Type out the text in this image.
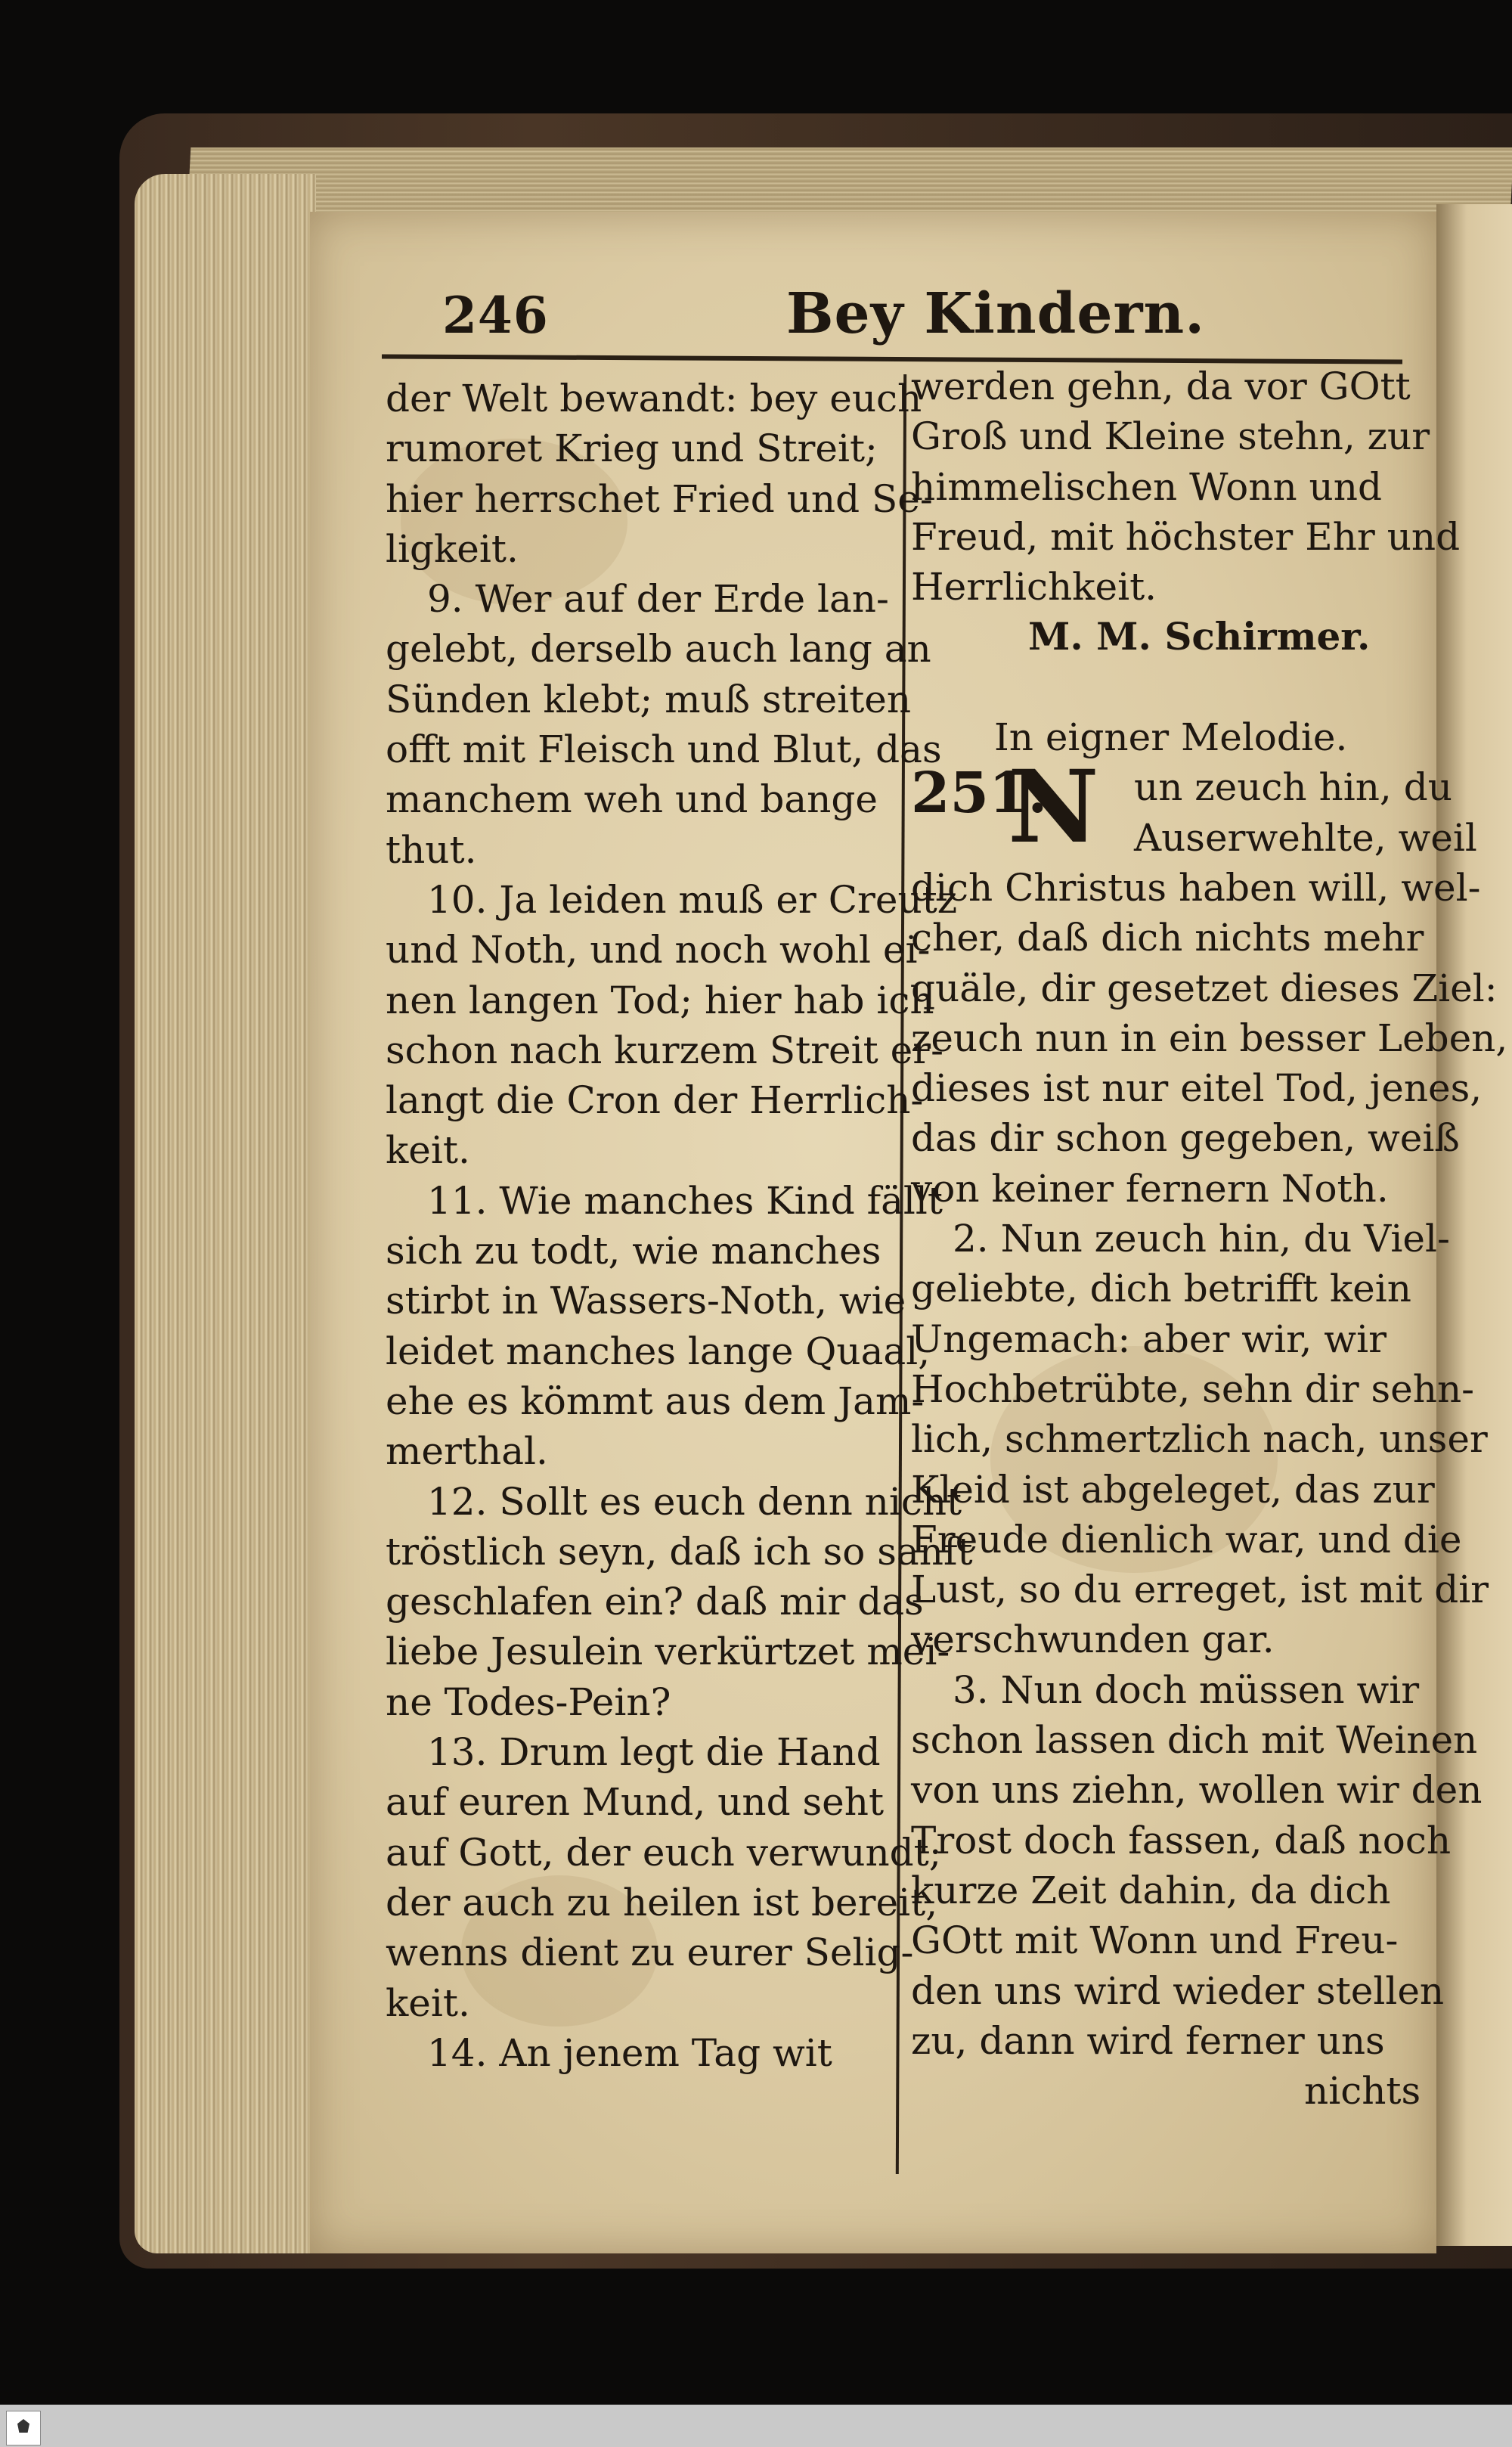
246	Bey Kindern.
der Welt bewandt: bey euch
rumoret Krieg und Streit;
hier herrschet Fried und Se-
ligkeit.
9. Wer auf der Erde lan-
gelebt, derselb auch lang an
Sünden klebt; muß streiten
offt mit Fleisch und Blut, das
manchem weh und bange
thut.
10. Ja leiden muß er Creutz
und Noth, und noch wohl ei-
nen langen Tod; hier hab ich
schon nach kurzem Streit er-
langt die Cron der Herrlich-
keit.
11. Wie manches Kind fällt
sich zu todt, wie manches
stirbt in Wassers-Noth, wie
leidet manches lange Quaal,
ehe es kömmt aus dem Jam-
merthal.
12. Sollt es euch denn nicht
tröstlich seyn, daß ich so sanft
geschlafen ein? daß mir das
liebe Jesulein verkürtzet mei-
ne Todes-Pein?
13. Drum legt die Hand
auf euren Mund, und seht
auf Gott, der euch verwundt;
der auch zu heilen ist bereit,
wenns dient zu eurer Selig-
keit.
14. An jenem Tag wit
werden gehn, da vor GOtt
Groß und Kleine stehn, zur
himmelischen Wonn und
Freud, mit höchster Ehr und
Herrlichkeit.
M. M. Schirmer.
In eigner Melodie.
251.
N un zeuch hin, du
Auserwehlte, weil
dich Christus haben will, wel-
cher, daß dich nichts mehr
quäle, dir gesetzet dieses Ziel:
zeuch nun in ein besser Leben,
dieses ist nur eitel Tod, jenes,
das dir schon gegeben, weiß
von keiner fernern Noth.
2. Nun zeuch hin, du Viel-
geliebte, dich betrifft kein
Ungemach: aber wir, wir
Hochbetrübte, sehn dir sehn-
lich, schmertzlich nach, unser
Kleid ist abgeleget, das zur
Freude dienlich war, und die
Lust, so du erreget, ist mit dir
verschwunden gar.
3. Nun doch müssen wir
schon lassen dich mit Weinen
von uns ziehn, wollen wir den
Trost doch fassen, daß noch
kurze Zeit dahin, da dich
GOtt mit Wonn und Freu-
den uns wird wieder stellen
zu, dann wird ferner uns
nichts
